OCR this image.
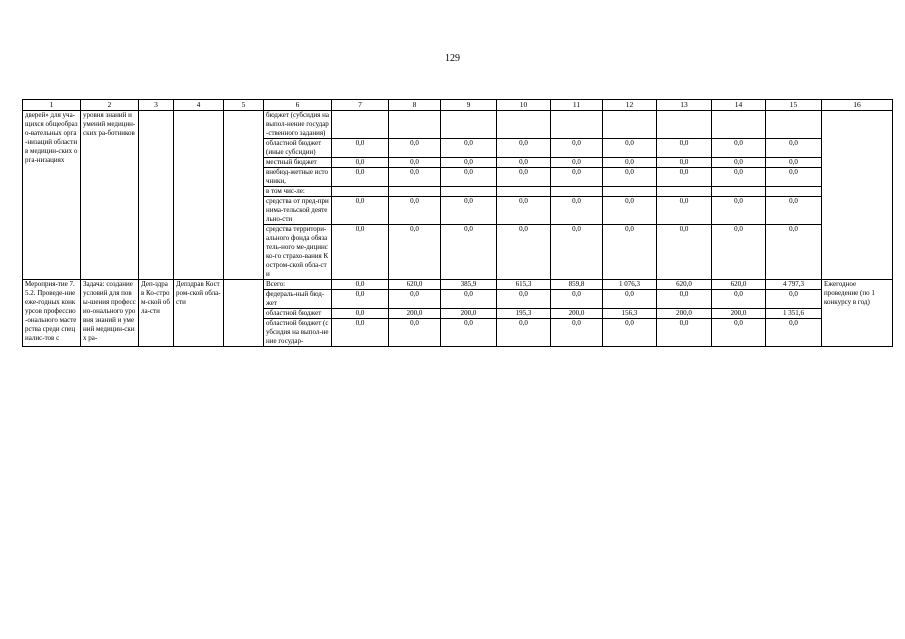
129
1	2	3	4	5	6	7	8	9	10	11	12	13	14	15	16
дверей» для уча-щихся общеобразо-вательных орга-низаций области в медицин-ских орга-низациях	уровня знаний и умений медицин-ских ра-ботников				бюджет (субсидия на выпол-нение государ-ственного задания)										
					областной бюджет (иные субсидии)	0,0	0,0	0,0	0,0	0,0	0,0	0,0	0,0	0,0	
					местный бюджет	0,0	0,0	0,0	0,0	0,0	0,0	0,0	0,0	0,0	
					внебюд-жетные источники,	0,0	0,0	0,0	0,0	0,0	0,0	0,0	0,0	0,0	
					в том чис-ле:										
					средства от пред-принима-тельской деятельно-сти	0,0	0,0	0,0	0,0	0,0	0,0	0,0	0,0	0,0	
					средства территори-ального фонда обязатель-ного ме-дицинско-го страхо-вания Костром-ской обла-сти	0,0	0,0	0,0	0,0	0,0	0,0	0,0	0,0	0,0	
Мероприя-тие 7.5.2. Проведе-ние еже-годных конкурсов профессио-онального мастерства среди специалис-тов с	Задача: создание условий для повы-шения профессио-онального уровня знаний и умений медицин-ских ра-	Деп-здрав Ко-стром-ской обла-сти	Депздрав Костром-ской обла-сти		Всего:	0,0	620,0	385,9	615,3	859,8	1 076,3	620,0	620,0	4 797,3	Ежегодное проведение (по 1 конкурсу в год)
					федераль-ный бюд-жет	0,0	0,0	0,0	0,0	0,0	0,0	0,0	0,0	0,0	
					областной бюджет	0,0	200,0	200,0	195,3	200,0	156,3	200,0	200,0	1 351,6	
					областной бюджет (субсидия на выпол-нение государ-	0,0	0,0	0,0	0,0	0,0	0,0	0,0	0,0	0,0	
